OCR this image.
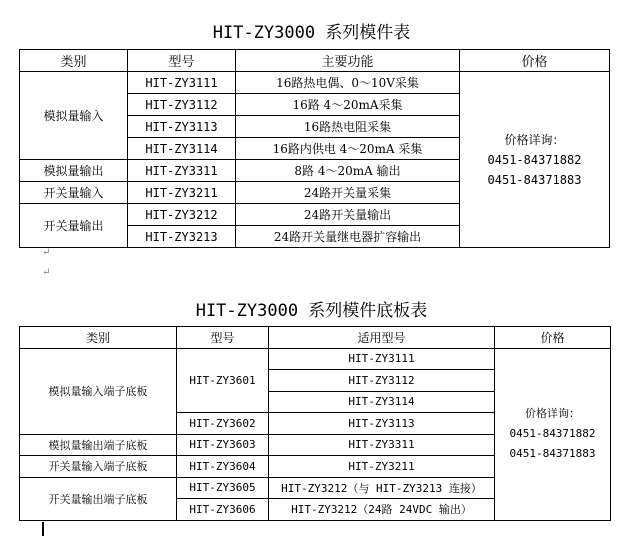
HIT-ZY3000 系列模件表
类别	型号	主要功能	价格
模拟量输入	HIT-ZY3111	16路热电偶、0～10V采集	价格详询：
0451-84371882
0451-84371883

	HIT-ZY3112	16路 4～20mA采集	
	HIT-ZY3113	16路热电阻采集	
	HIT-ZY3114	16路内供电 4～20mA 采集	
模拟量输出	HIT-ZY3311	8路 4～20mA 输出	
开关量输入	HIT-ZY3211	24路开关量采集	
开关量输出	HIT-ZY3212	24路开关量输出	
	HIT-ZY3213	24路开关量继电器扩容输出	
↵
↵
HIT-ZY3000 系列模件底板表
类别	型号	适用型号	价格
模拟量输入端子底板	HIT-ZY3601	HIT-ZY3111	价格详询：
0451-84371882
0451-84371883

		HIT-ZY3112	
		HIT-ZY3114	
	HIT-ZY3602	HIT-ZY3113	
模拟量输出端子底板	HIT-ZY3603	HIT-ZY3311	
开关量输入端子底板	HIT-ZY3604	HIT-ZY3211	
开关量输出端子底板	HIT-ZY3605	HIT-ZY3212（与 HIT-ZY3213 连接）	
	HIT-ZY3606	HIT-ZY3212（24路 24VDC 输出）	
